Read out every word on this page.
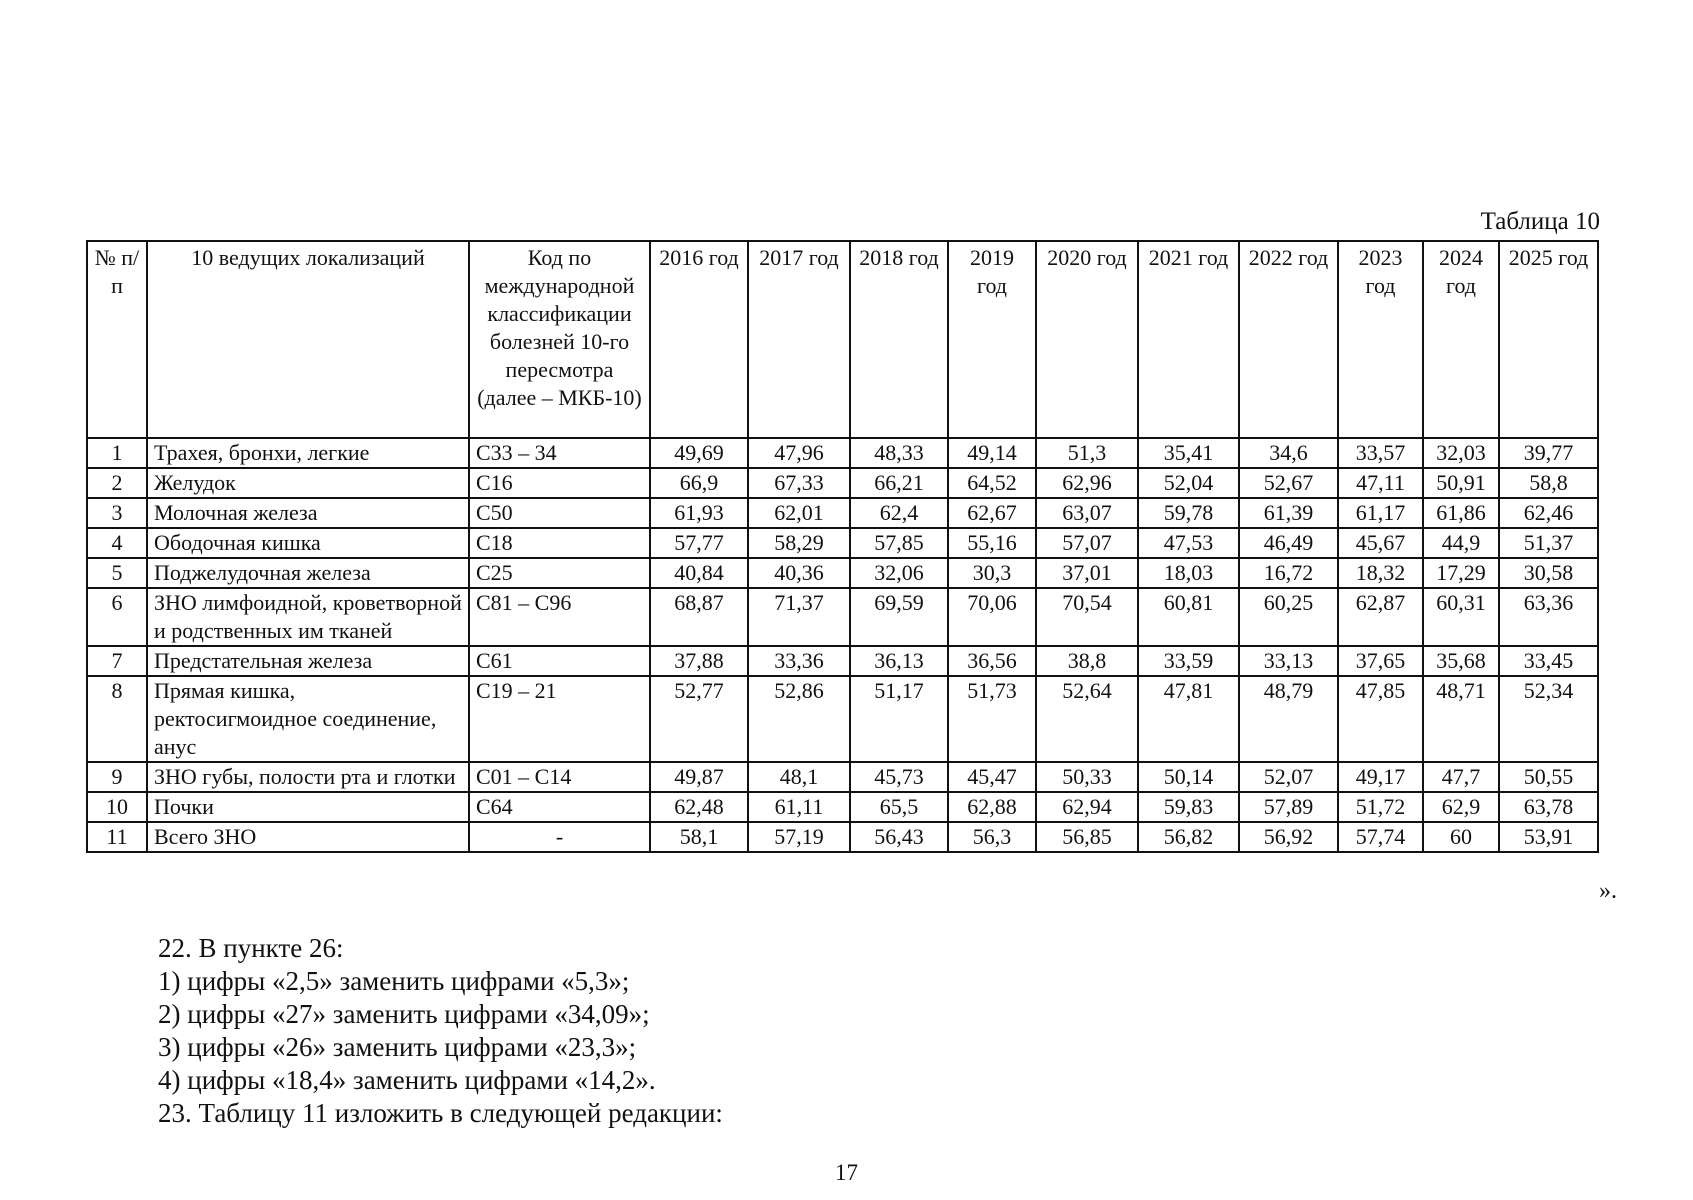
Таблица 10
№ п/п	10 ведущих локализаций	Код по международной классификации болезней 10-го пересмотра (далее – МКБ-10)	2016 год	2017 год	2018 год	2019 год	2020 год	2021 год	2022 год	2023 год	2024 год	2025 год
1	Трахея, бронхи, легкие	С33 – 34	49,69	47,96	48,33	49,14	51,3	35,41	34,6	33,57	32,03	39,77
2	Желудок	С16	66,9	67,33	66,21	64,52	62,96	52,04	52,67	47,11	50,91	58,8
3	Молочная железа	С50	61,93	62,01	62,4	62,67	63,07	59,78	61,39	61,17	61,86	62,46
4	Ободочная кишка	С18	57,77	58,29	57,85	55,16	57,07	47,53	46,49	45,67	44,9	51,37
5	Поджелудочная железа	С25	40,84	40,36	32,06	30,3	37,01	18,03	16,72	18,32	17,29	30,58
6	ЗНО лимфоидной, кроветворной и родственных им тканей	С81 – С96	68,87	71,37	69,59	70,06	70,54	60,81	60,25	62,87	60,31	63,36
7	Предстательная железа	С61	37,88	33,36	36,13	36,56	38,8	33,59	33,13	37,65	35,68	33,45
8	Прямая кишка, ректосигмоидное соединение, анус	С19 – 21	52,77	52,86	51,17	51,73	52,64	47,81	48,79	47,85	48,71	52,34
9	ЗНО губы, полости рта и глотки	С01 – С14	49,87	48,1	45,73	45,47	50,33	50,14	52,07	49,17	47,7	50,55
10	Почки	С64	62,48	61,11	65,5	62,88	62,94	59,83	57,89	51,72	62,9	63,78
11	Всего ЗНО	-	58,1	57,19	56,43	56,3	56,85	56,82	56,92	57,74	60	53,91
».
22. В пункте 26:
1) цифры «2,5» заменить цифрами «5,3»;
2) цифры «27» заменить цифрами «34,09»;
3) цифры «26» заменить цифрами «23,3»;
4) цифры «18,4» заменить цифрами «14,2».
23. Таблицу 11 изложить в следующей редакции:
17
